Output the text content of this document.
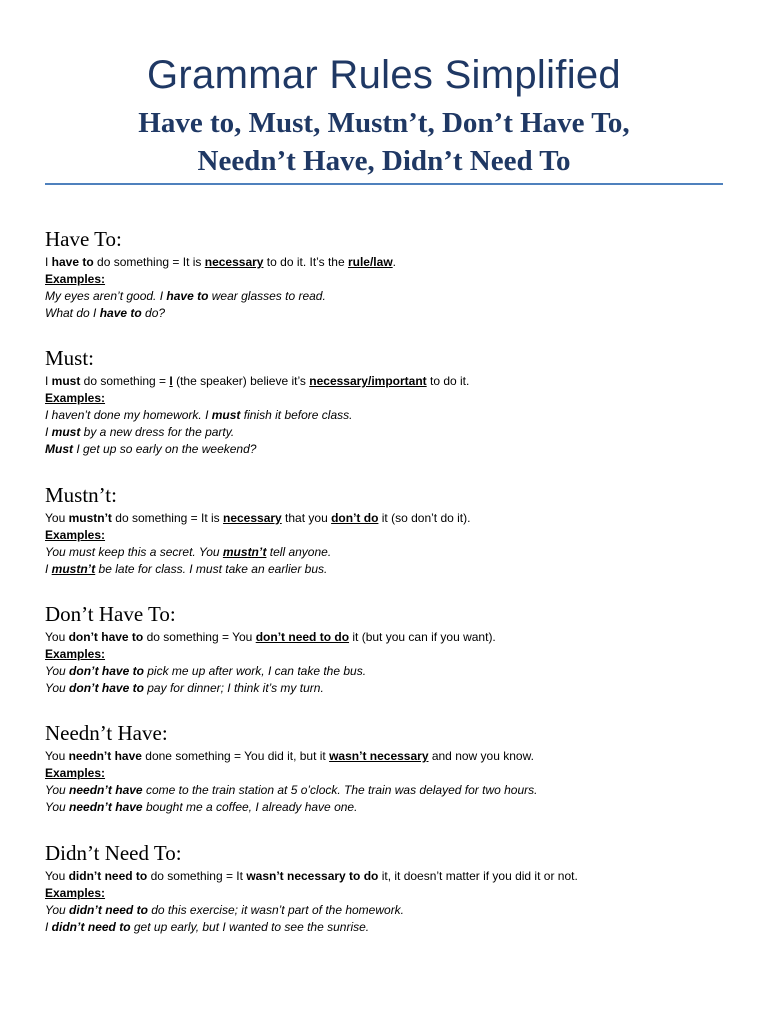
Grammar Rules Simplified
Have to, Must, Mustn’t, Don’t Have To,
Needn’t Have, Didn’t Need To
Have To:
I have to do something = It is necessary to do it. It’s the rule/law.
Examples:
My eyes aren’t good. I have to wear glasses to read.
What do I have to do?
Must:
I must do something = I (the speaker) believe it’s necessary/important to do it.
Examples:
I haven’t done my homework. I must finish it before class.
I must by a new dress for the party.
Must I get up so early on the weekend?
Mustn’t:
You mustn’t do something = It is necessary that you don’t do it (so don’t do it).
Examples:
You must keep this a secret. You mustn’t tell anyone.
I mustn’t be late for class. I must take an earlier bus.
Don’t Have To:
You don’t have to do something = You don’t need to do it (but you can if you want).
Examples:
You don’t have to pick me up after work, I can take the bus.
You don’t have to pay for dinner; I think it’s my turn.
Needn’t Have:
You needn’t have done something = You did it, but it wasn’t necessary and now you know.
Examples:
You needn’t have come to the train station at 5 o’clock. The train was delayed for two hours.
You needn’t have bought me a coffee, I already have one.
Didn’t Need To:
You didn’t need to do something = It wasn’t necessary to do it, it doesn’t matter if you did it or not.
Examples:
You didn’t need to do this exercise; it wasn’t part of the homework.
I didn’t need to get up early, but I wanted to see the sunrise.
